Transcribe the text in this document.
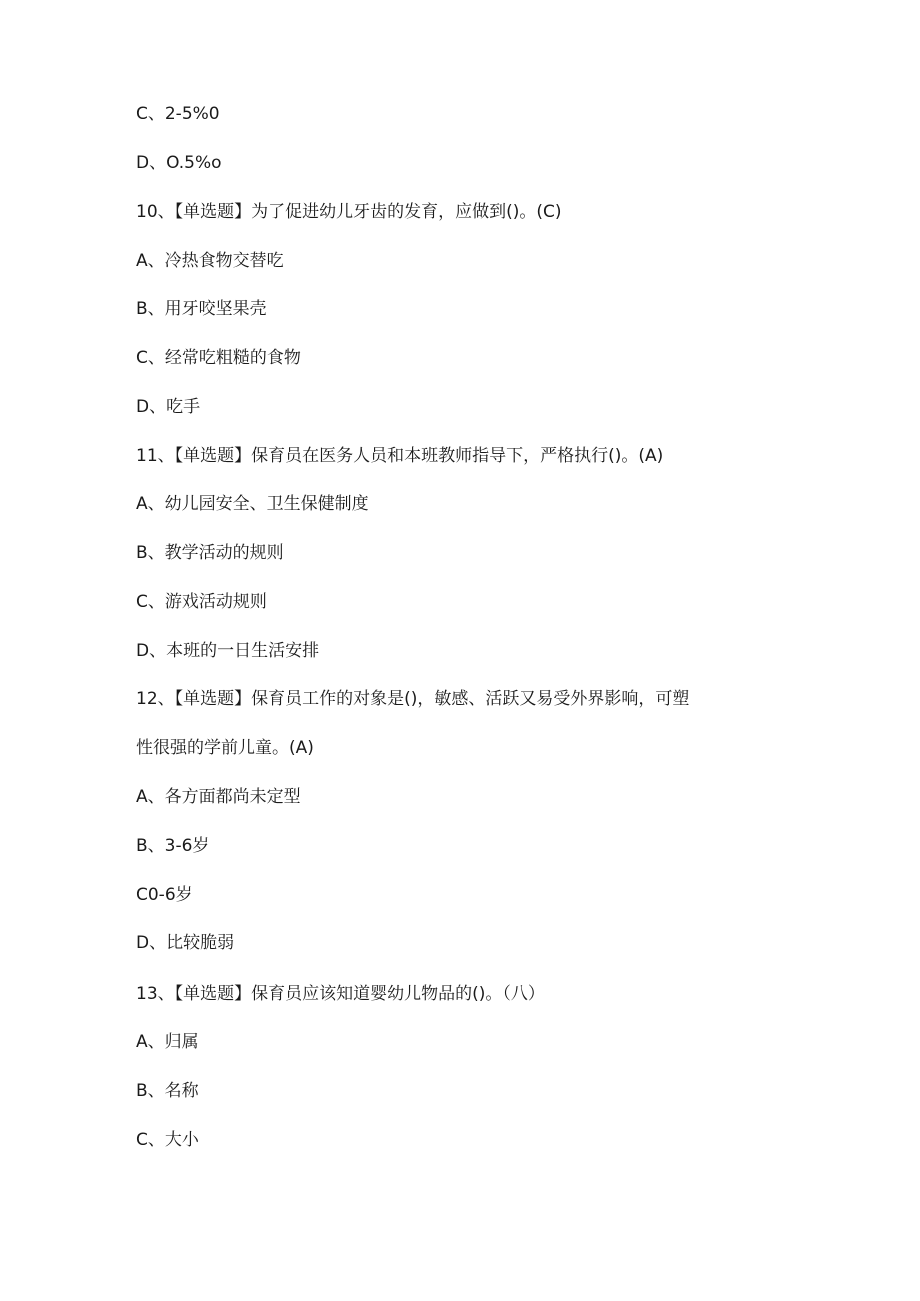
C、2-5%0
D、O.5%o
10、【单选题】为了促进幼儿牙齿的发育，应做到()。(C)
A、冷热食物交替吃
B、用牙咬坚果壳
C、经常吃粗糙的食物
D、吃手
11、【单选题】保育员在医务人员和本班教师指导下，严格执行()。(A)
A、幼儿园安全、卫生保健制度
B、教学活动的规则
C、游戏活动规则
D、本班的一日生活安排
12、【单选题】保育员工作的对象是()，敏感、活跃又易受外界影响，可塑
性很强的学前儿童。(A)
A、各方面都尚未定型
B、3-6岁
C0-6岁
D、比较脆弱
13、【单选题】保育员应该知道婴幼儿物品的()。（八）
A、归属
B、名称
C、大小
